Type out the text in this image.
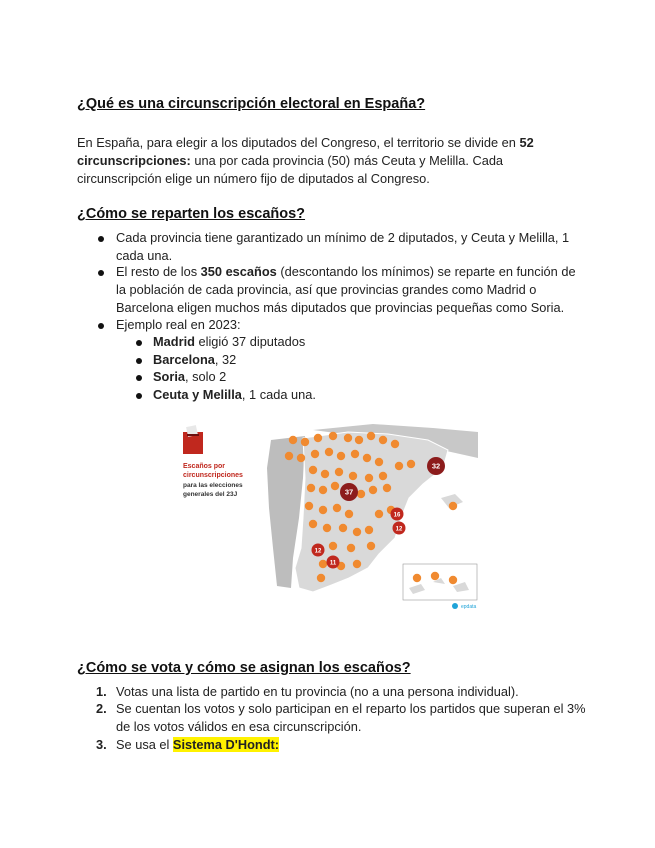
¿Qué es una circunscripción electoral en España?

En España, para elegir a los diputados del Congreso, el territorio se divide en 52 circunscripciones: una por cada provincia (50) más Ceuta y Melilla. Cada circunscripción elige un número fijo de diputados al Congreso.

¿Cómo se reparten los escaños?
Cada provincia tiene garantizado un mínimo de 2 diputados, y Ceuta y Melilla, 1 cada una.
El resto de los 350 escaños (descontando los mínimos) se reparte en función de la población de cada provincia, así que provincias grandes como Madrid o Barcelona eligen muchos más diputados que provincias pequeñas como Soria.
Ejemplo real en 2023:
Madrid eligió 37 diputados
Barcelona, 32
Soria, solo 2
Ceuta y Melilla, 1 cada una.
Escaños por
circunscripciones
para las elecciones
generales del 23J	37
32
16
12
12
11
epdata
¿Cómo se vota y cómo se asignan los escaños?
1. Votas una lista de partido en tu provincia (no a una persona individual).
2. Se cuentan los votos y solo participan en el reparto los partidos que superan el 3% de los votos válidos en esa circunscripción.
3. Se usa el Sistema D'Hondt:
